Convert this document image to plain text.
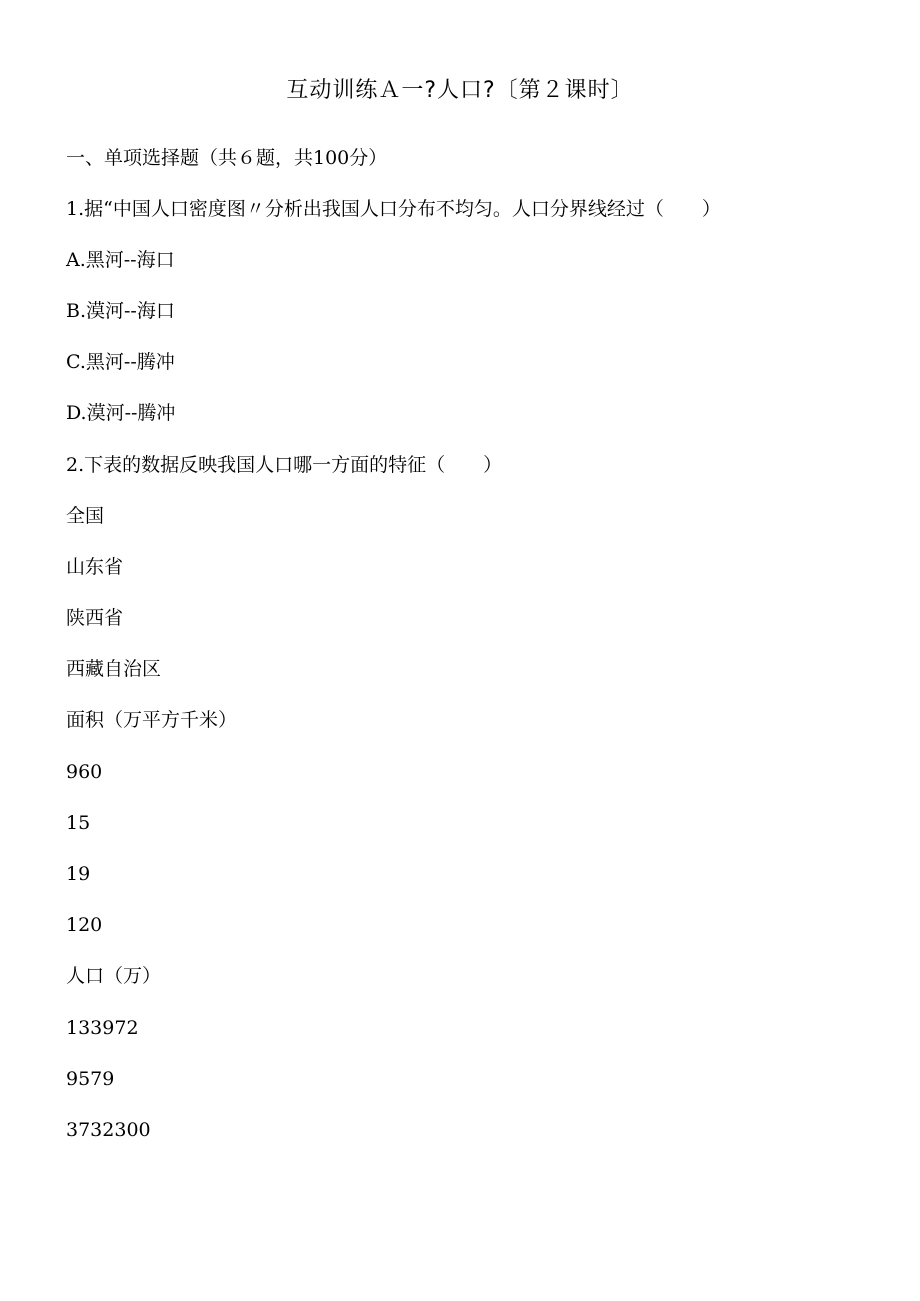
互动训练Ａ一?人口?〔第２课时〕
一、单项选择题（共６题，共100分）
1.据“中国人口密度图〃分析出我国人口分布不均匀。人口分界线经过（　　）
A.黑河--海口
B.漠河--海口
C.黑河--腾冲
D.漠河--腾冲
2.下表的数据反映我国人口哪一方面的特征（　　）
全国
山东省
陕西省
西藏自治区
面积（万平方千米）
960
15
19
120
人口（万）
133972
9579
3732300
